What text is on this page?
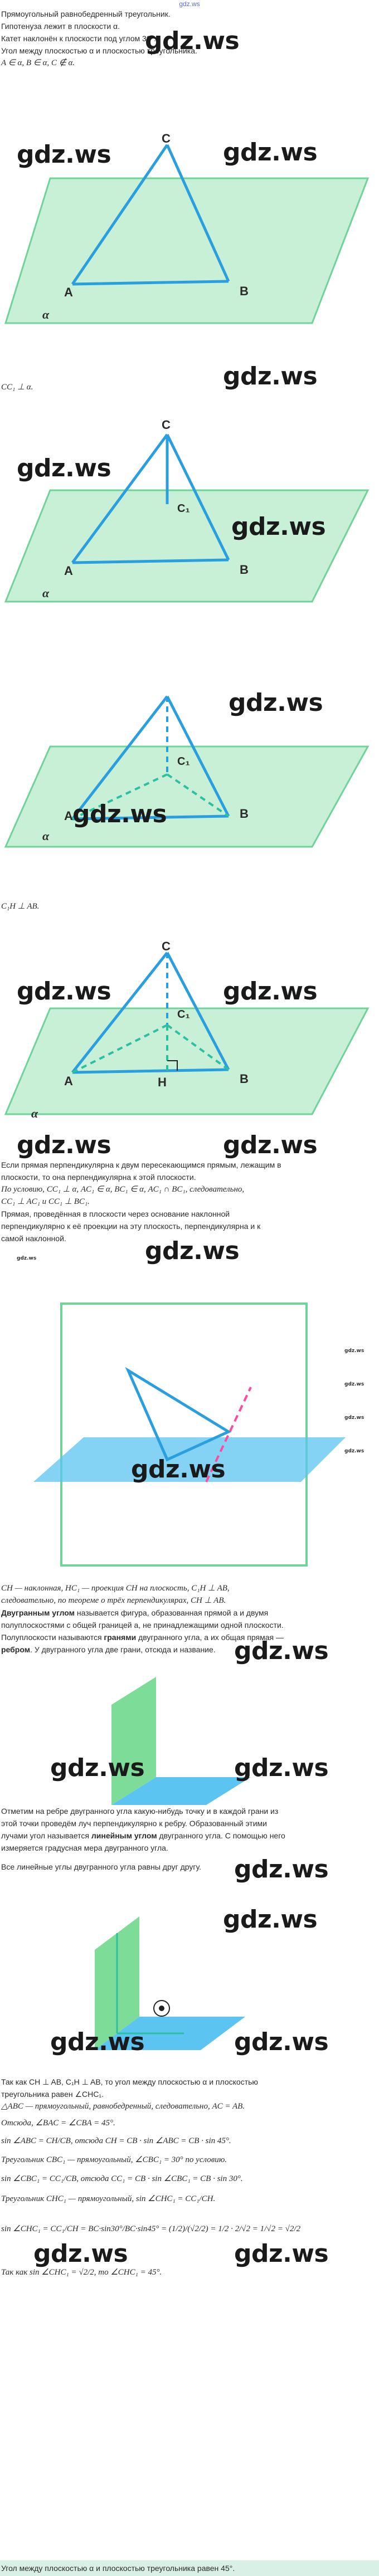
gdz.ws
Прямоугольный равнобедренный треугольник.
Гипотенуза лежит в плоскости α.
Катет наклонён к плоскости под углом 30°.
Угол между плоскостью α и плоскостью треугольника.
A ∈ α, B ∈ α, C ∉ α.
gdz.ws
gdz.ws	gdz.ws
C
A	B
α
gdz.ws
CC₁ ⊥ α.
gdz.ws
gdz.ws
C
C₁
A	B
α
gdz.ws
gdz.ws
C₁
A	B
α
C₁H ⊥ AB.
gdz.ws	gdz.ws
gdz.ws	gdz.ws
C
C₁
H
A	B
α
Если прямая перпендикулярна к двум пересекающимся прямым, лежащим в
плоскости, то она перпендикулярна к этой плоскости.
По условию, CC₁ ⊥ α, AC₁ ∈ α, BC₁ ∈ α, AC₁ ∩ BC₁, следовательно,
CC₁ ⊥ AC₁ и CC₁ ⊥ BC₁.
Прямая, проведённая в плоскости через основание наклонной
перпендикулярно к её проекции на эту плоскость, перпендикулярна и к
самой наклонной.	gdz.ws
gdz.ws
gdz.ws
gdz.ws
gdz.ws
gdz.ws
gdz.ws
CH — наклонная, HC₁ — проекция CH на плоскость, C₁H ⊥ AB,
следовательно, по теореме о трёх перпендикулярах, CH ⊥ AB.
Двугранным углом называется фигура, образованная прямой a и двумя
полуплоскостями с общей границей a, не принадлежащими одной плоскости.
Полуплоскости называются гранями двугранного угла, а их общая прямая —
ребром. У двугранного угла две грани, отсюда и название. gdz.ws
gdz.ws	gdz.ws
Отметим на ребре двугранного угла какую-нибудь точку и в каждой грани из
этой точки проведём луч перпендикулярно к ребру. Образованный этими
лучами угол называется линейным углом двугранного угла. С помощью него
измеряется градусная мера двугранного угла.
Все линейные углы двугранного угла равны друг другу. gdz.ws
gdz.ws
gdz.ws	gdz.ws
Так как CH ⊥ AB, C₁H ⊥ AB, то угол между плоскостью α и плоскостью
треугольника равен ∠CHC₁.
△ABC — прямоугольный, равнобедренный, следовательно, AC = AB.
Отсюда, ∠BAC = ∠CBA = 45°.
sin ∠ABC = CH/CB, отсюда CH = CB · sin ∠ABC = CB · sin 45°.
Треугольник CBC₁ — прямоугольный, ∠CBC₁ = 30° по условию.
sin ∠CBC₁ = CC₁/CB, отсюда CC₁ = CB · sin ∠CBC₁ = CB · sin 30°.
Треугольник CHC₁ — прямоугольный, sin ∠CHC₁ = CC₁/CH.
sin ∠CHC₁ = CC₁/CH = BC·sin30°/BC·sin45° = (1/2)/(√2/2) = 1/2 · 2/√2 = 1/√2 = √2/2
gdz.ws	gdz.ws
Так как sin ∠CHC₁ = √2/2, то ∠CHC₁ = 45°.
Угол между плоскостью α и плоскостью треугольника равен 45°.
